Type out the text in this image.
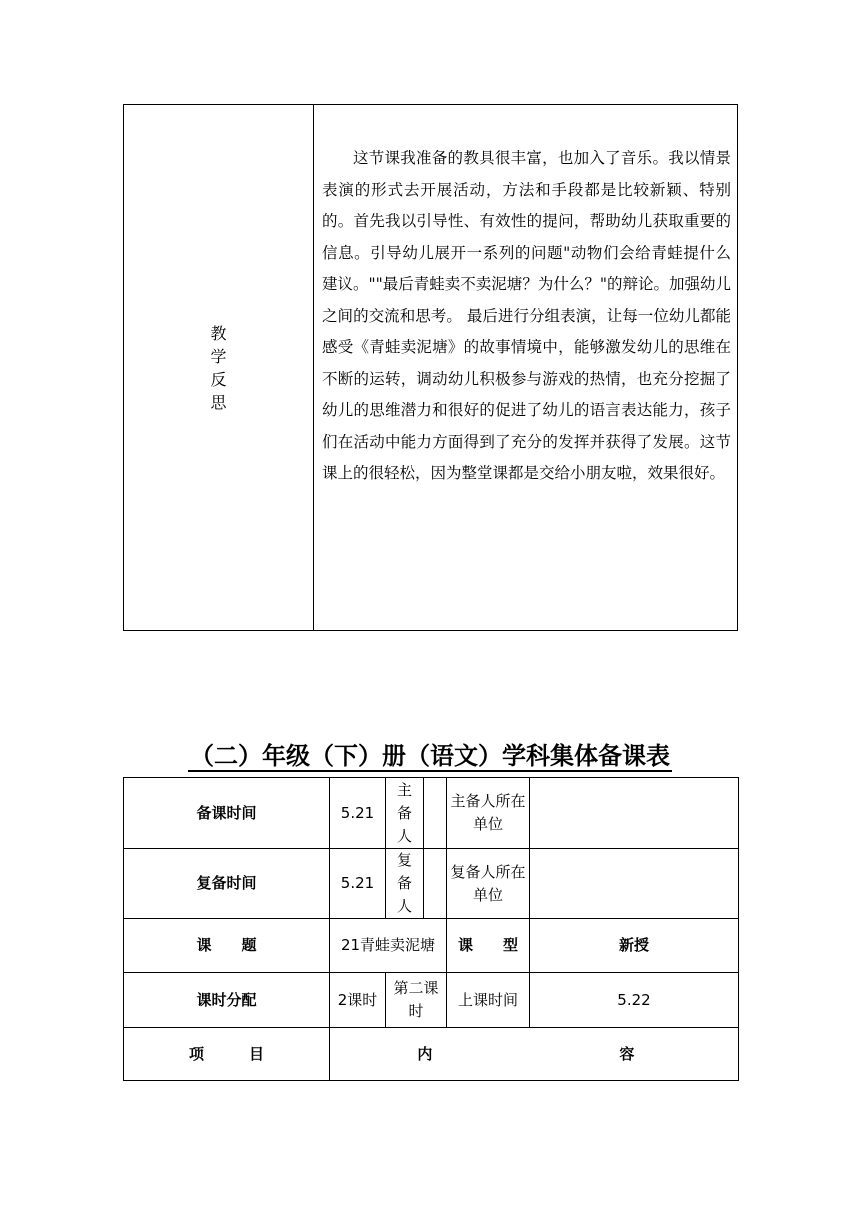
教
学
反
思

这节课我准备的教具很丰富，也加入了音乐。我以情景表演的形式去开展活动，方法和手段都是比较新颖、特别的。首先我以引导性、有效性的提问，帮助幼儿获取重要的信息。引导幼儿展开一系列的问题"动物们会给青蛙提什么建议。""最后青蛙卖不卖泥塘？为什么？"的辩论。加强幼儿之间的交流和思考。 最后进行分组表演，让每一位幼儿都能感受《青蛙卖泥塘》的故事情境中，能够激发幼儿的思维在不断的运转，调动幼儿积极参与游戏的热情，也充分挖掘了幼儿的思维潜力和很好的促进了幼儿的语言表达能力，孩子们在活动中能力方面得到了充分的发挥并获得了发展。这节课上的很轻松，因为整堂课都是交给小朋友啦，效果很好。

（二）年级（下）册（语文）学科集体备课表
备课时间	5.21	主
备
人		主备人所在单位	
复备时间	5.21	复
备
人		复备人所在单位	
课　　题	21青蛙卖泥塘			课　　型	新授
课时分配	2课时	第二课时		上课时间	5.22
项　　　目	内 容				
